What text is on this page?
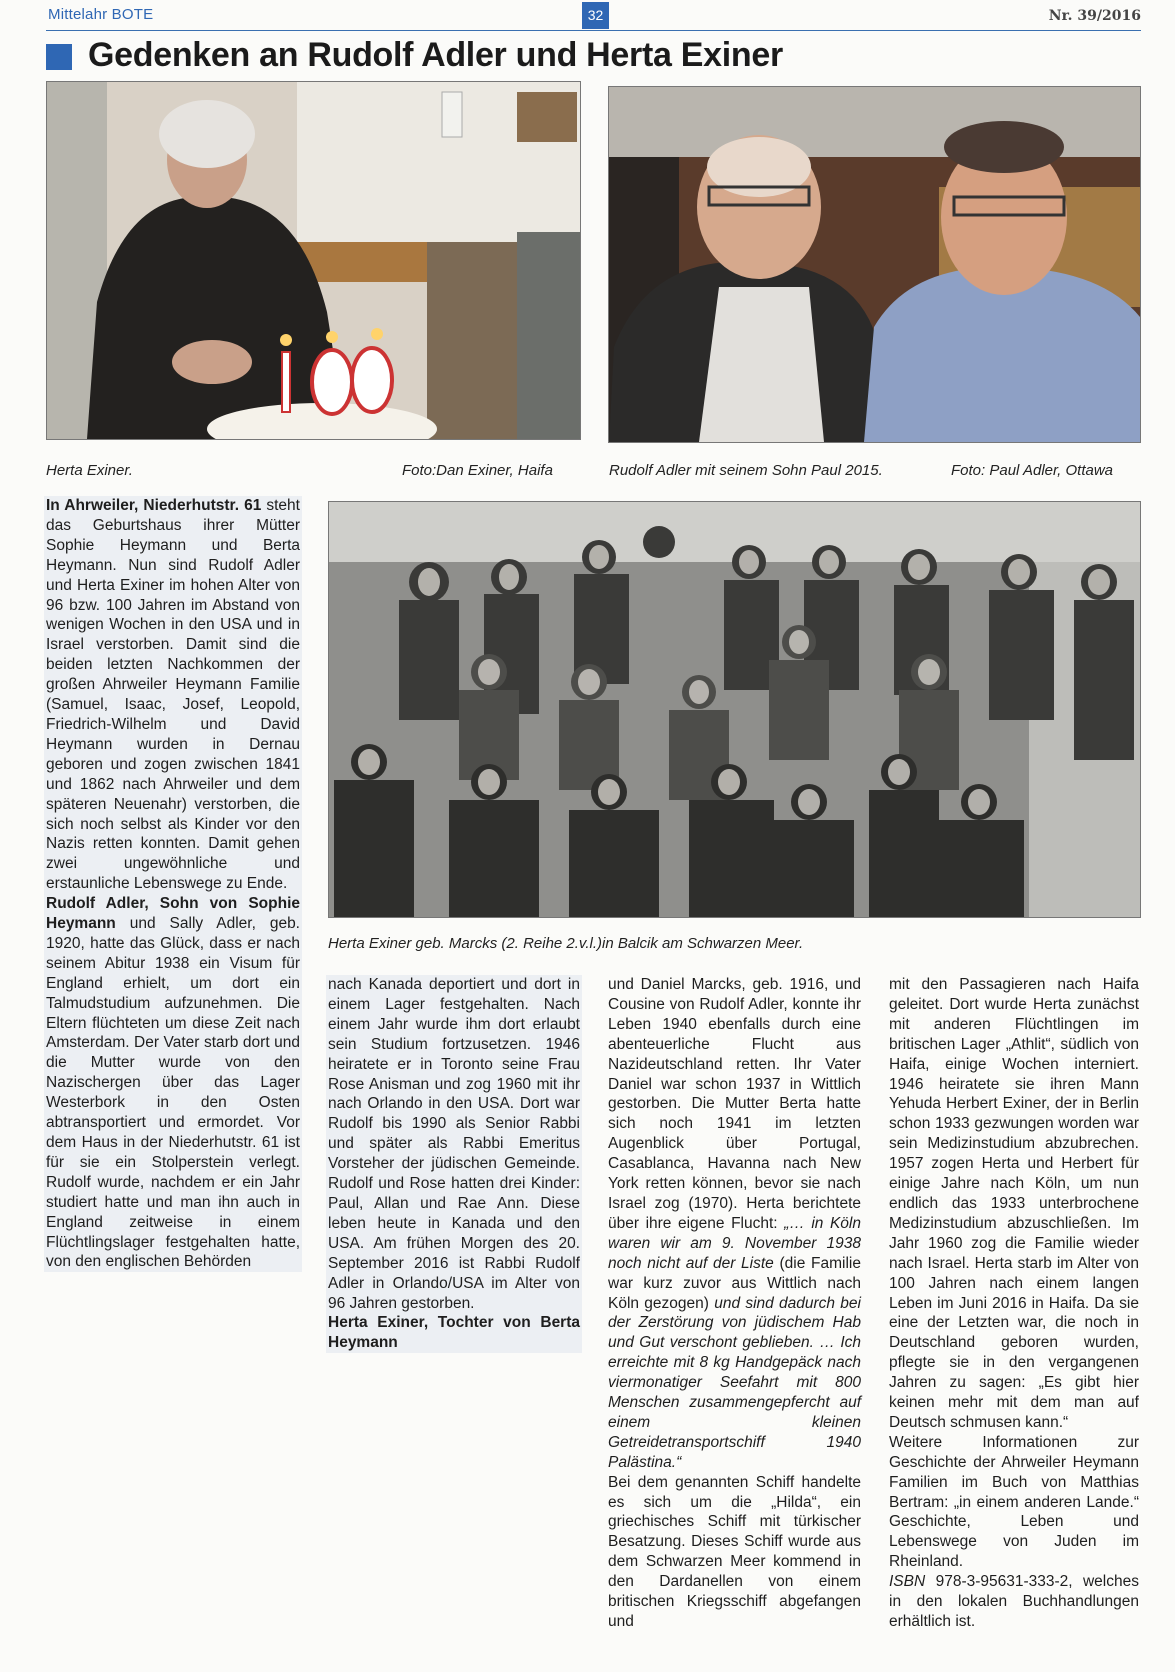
Mittelahr BOTE	32	Nr. 39/2016
Gedenken an Rudolf Adler und Herta Exiner
Herta Exiner.	Foto:Dan Exiner, Haifa	Rudolf Adler mit seinem Sohn Paul 2015.	Foto: Paul Adler, Ottawa
Herta Exiner geb. Marcks (2. Reihe 2.v.l.)in Balcik am Schwarzen Meer.

In Ahrweiler, Niederhutstr. 61 steht das Geburtshaus ihrer Mütter Sophie Heymann und Berta Heymann. Nun sind Rudolf Adler und Herta Exiner im hohen Alter von 96 bzw. 100 Jahren im Abstand von wenigen Wochen in den USA und in Israel verstorben. Damit sind die beiden letzten Nachkommen der großen Ahrweiler Heymann Familie (Samuel, Isaac, Josef, Leopold, Friedrich-Wilhelm und David Heymann wurden in Dernau geboren und zogen zwischen 1841 und 1862 nach Ahrweiler und dem späteren Neuenahr) verstorben, die sich noch selbst als Kinder vor den Nazis retten konnten. Damit gehen zwei ungewöhnliche und erstaunliche Lebenswege zu Ende.

Rudolf Adler, Sohn von Sophie Heymann und Sally Adler, geb. 1920, hatte das Glück, dass er nach seinem Abitur 1938 ein Visum für England erhielt, um dort ein Talmudstudium aufzunehmen. Die Eltern flüchteten um diese Zeit nach Amsterdam. Der Vater starb dort und die Mutter wurde von den Nazischergen über das Lager Westerbork in den Osten abtransportiert und ermordet. Vor dem Haus in der Niederhutstr. 61 ist für sie ein Stolperstein verlegt. Rudolf wurde, nachdem er ein Jahr studiert hatte und man ihn auch in England zeitweise in einem Flüchtlingslager festgehalten hatte, von den englischen Behörden

nach Kanada deportiert und dort in einem Lager festgehalten. Nach einem Jahr wurde ihm dort erlaubt sein Studium fortzusetzen. 1946 heiratete er in Toronto seine Frau Rose Anisman und zog 1960 mit ihr nach Orlando in den USA. Dort war Rudolf bis 1990 als Senior Rabbi und später als Rabbi Emeritus Vorsteher der jüdischen Gemeinde. Rudolf und Rose hatten drei Kinder: Paul, Allan und Rae Ann. Diese leben heute in Kanada und den USA. Am frühen Morgen des 20. September 2016 ist Rabbi Rudolf Adler in Orlando/USA im Alter von 96 Jahren gestorben.

Herta Exiner, Tochter von Berta Heymann

und Daniel Marcks, geb. 1916, und Cousine von Rudolf Adler, konnte ihr Leben 1940 ebenfalls durch eine abenteuerliche Flucht aus Nazideutschland retten. Ihr Vater Daniel war schon 1937 in Wittlich gestorben. Die Mutter Berta hatte sich noch 1941 im letzten Augenblick über Portugal, Casablanca, Havanna nach New York retten können, bevor sie nach Israel zog (1970). Herta berichtete über ihre eigene Flucht: „… in Köln waren wir am 9. November 1938 noch nicht auf der Liste (die Familie war kurz zuvor aus Wittlich nach Köln gezogen) und sind dadurch bei der Zerstörung von jüdischem Hab und Gut verschont geblieben. … Ich erreichte mit 8 kg Handgepäck nach viermonatiger Seefahrt mit 800 Menschen zusammengepfercht auf einem kleinen Getreidetransportschiff 1940 Palästina.“

Bei dem genannten Schiff handelte es sich um die „Hilda“, ein griechisches Schiff mit türkischer Besatzung. Dieses Schiff wurde aus dem Schwarzen Meer kommend in den Dardanellen von einem britischen Kriegsschiff abgefangen und

mit den Passagieren nach Haifa geleitet. Dort wurde Herta zunächst mit anderen Flüchtlingen im britischen Lager „Athlit“, südlich von Haifa, einige Wochen interniert. 1946 heiratete sie ihren Mann Yehuda Herbert Exiner, der in Berlin schon 1933 gezwungen worden war sein Medizinstudium abzubrechen. 1957 zogen Herta und Herbert für einige Jahre nach Köln, um nun endlich das 1933 unterbrochene Medizinstudium abzuschließen. Im Jahr 1960 zog die Familie wieder nach Israel. Herta starb im Alter von 100 Jahren nach einem langen Leben im Juni 2016 in Haifa. Da sie eine der Letzten war, die noch in Deutschland geboren wurden, pflegte sie in den vergangenen Jahren zu sagen: „Es gibt hier keinen mehr mit dem man auf Deutsch schmusen kann.“

Weitere Informationen zur Geschichte der Ahrweiler Heymann Familien im Buch von Matthias Bertram: „in einem anderen Lande.“ Geschichte, Leben und Lebenswege von Juden im Rheinland.

ISBN 978-3-95631-333-2, welches in den lokalen Buchhandlungen erhältlich ist.
